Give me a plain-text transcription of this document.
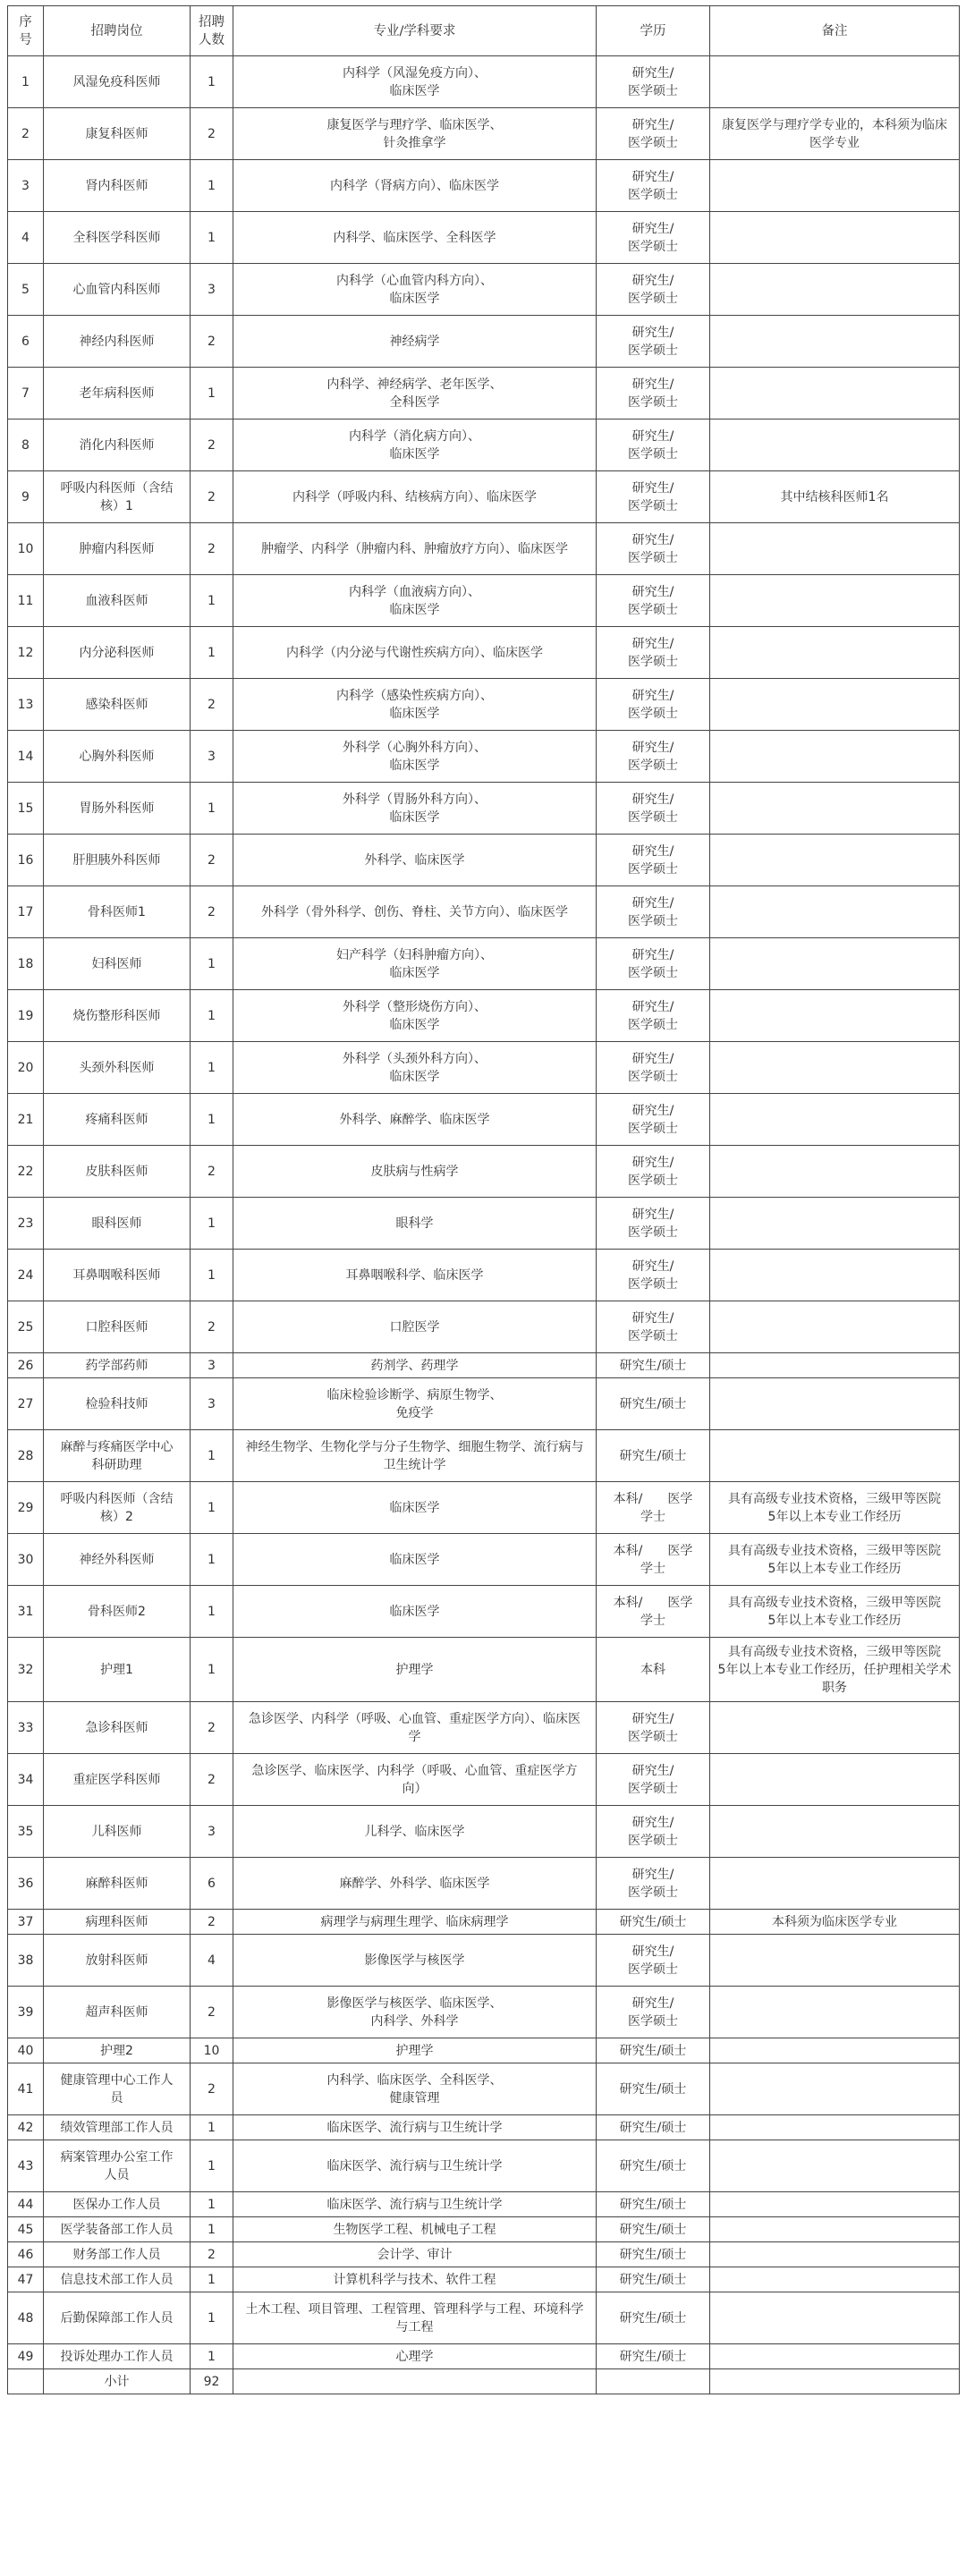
序
号	招聘岗位	招聘
人数	专业/学科要求	学历	备注
1	风湿免疫科医师	1	内科学（风湿免疫方向）、
临床医学	研究生/
医学硕士	
2	康复科医师	2	康复医学与理疗学、临床医学、
针灸推拿学	研究生/
医学硕士	康复医学与理疗学专业的，本科须为临床
医学专业
3	肾内科医师	1	内科学（肾病方向）、临床医学	研究生/
医学硕士	
4	全科医学科医师	1	内科学、临床医学、全科医学	研究生/
医学硕士	
5	心血管内科医师	3	内科学（心血管内科方向）、
临床医学	研究生/
医学硕士	
6	神经内科医师	2	神经病学	研究生/
医学硕士	
7	老年病科医师	1	内科学、神经病学、老年医学、
全科医学	研究生/
医学硕士	
8	消化内科医师	2	内科学（消化病方向）、
临床医学	研究生/
医学硕士	
9	呼吸内科医师（含结
核）1	2	内科学（呼吸内科、结核病方向）、临床医学	研究生/
医学硕士	其中结核科医师1名
10	肿瘤内科医师	2	肿瘤学、内科学（肿瘤内科、肿瘤放疗方向）、临床医学	研究生/
医学硕士	
11	血液科医师	1	内科学（血液病方向）、
临床医学	研究生/
医学硕士	
12	内分泌科医师	1	内科学（内分泌与代谢性疾病方向）、临床医学	研究生/
医学硕士	
13	感染科医师	2	内科学（感染性疾病方向）、
临床医学	研究生/
医学硕士	
14	心胸外科医师	3	外科学（心胸外科方向）、
临床医学	研究生/
医学硕士	
15	胃肠外科医师	1	外科学（胃肠外科方向）、
临床医学	研究生/
医学硕士	
16	肝胆胰外科医师	2	外科学、临床医学	研究生/
医学硕士	
17	骨科医师1	2	外科学（骨外科学、创伤、脊柱、关节方向）、临床医学	研究生/
医学硕士	
18	妇科医师	1	妇产科学（妇科肿瘤方向）、
临床医学	研究生/
医学硕士	
19	烧伤整形科医师	1	外科学（整形烧伤方向）、
临床医学	研究生/
医学硕士	
20	头颈外科医师	1	外科学（头颈外科方向）、
临床医学	研究生/
医学硕士	
21	疼痛科医师	1	外科学、麻醉学、临床医学	研究生/
医学硕士	
22	皮肤科医师	2	皮肤病与性病学	研究生/
医学硕士	
23	眼科医师	1	眼科学	研究生/
医学硕士	
24	耳鼻咽喉科医师	1	耳鼻咽喉科学、临床医学	研究生/
医学硕士	
25	口腔科医师	2	口腔医学	研究生/
医学硕士	
26	药学部药师	3	药剂学、药理学	研究生/硕士	
27	检验科技师	3	临床检验诊断学、病原生物学、
免疫学	研究生/硕士	
28	麻醉与疼痛医学中心
科研助理	1	神经生物学、生物化学与分子生物学、细胞生物学、流行病与
卫生统计学	研究生/硕士	
29	呼吸内科医师（含结
核）2	1	临床医学	本科/　　医学
学士	具有高级专业技术资格，三级甲等医院
5年以上本专业工作经历
30	神经外科医师	1	临床医学	本科/　　医学
学士	具有高级专业技术资格，三级甲等医院
5年以上本专业工作经历
31	骨科医师2	1	临床医学	本科/　　医学
学士	具有高级专业技术资格，三级甲等医院
5年以上本专业工作经历
32	护理1	1	护理学	本科	具有高级专业技术资格，三级甲等医院
5年以上本专业工作经历，任护理相关学术
职务
33	急诊科医师	2	急诊医学、内科学（呼吸、心血管、重症医学方向）、临床医
学	研究生/
医学硕士	
34	重症医学科医师	2	急诊医学、临床医学、内科学（呼吸、心血管、重症医学方
向）	研究生/
医学硕士	
35	儿科医师	3	儿科学、临床医学	研究生/
医学硕士	
36	麻醉科医师	6	麻醉学、外科学、临床医学	研究生/
医学硕士	
37	病理科医师	2	病理学与病理生理学、临床病理学	研究生/硕士	本科须为临床医学专业
38	放射科医师	4	影像医学与核医学	研究生/
医学硕士	
39	超声科医师	2	影像医学与核医学、临床医学、
内科学、外科学	研究生/
医学硕士	
40	护理2	10	护理学	研究生/硕士	
41	健康管理中心工作人
员	2	内科学、临床医学、全科医学、
健康管理	研究生/硕士	
42	绩效管理部工作人员	1	临床医学、流行病与卫生统计学	研究生/硕士	
43	病案管理办公室工作
人员	1	临床医学、流行病与卫生统计学	研究生/硕士	
44	医保办工作人员	1	临床医学、流行病与卫生统计学	研究生/硕士	
45	医学装备部工作人员	1	生物医学工程、机械电子工程	研究生/硕士	
46	财务部工作人员	2	会计学、审计	研究生/硕士	
47	信息技术部工作人员	1	计算机科学与技术、软件工程	研究生/硕士	
48	后勤保障部工作人员	1	土木工程、项目管理、工程管理、管理科学与工程、环境科学
与工程	研究生/硕士	
49	投诉处理办工作人员	1	心理学	研究生/硕士	
	小计	92			
